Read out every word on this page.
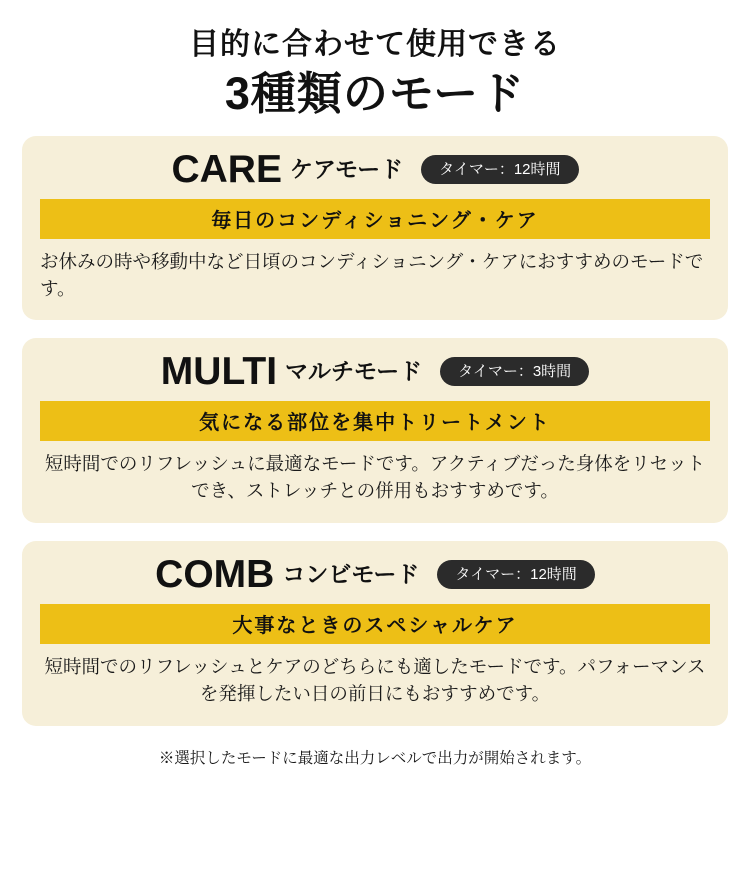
目的に合わせて使用できる
3種類のモード
CARE ケアモード	タイマー：12時間
毎日のコンディショニング・ケア
お休みの時や移動中など日頃のコンディショニング・ケアにおすすめのモードです。
MULTI マルチモード	タイマー：3時間
気になる部位を集中トリートメント
短時間でのリフレッシュに最適なモードです。アクティブだった身体をリセットでき、ストレッチとの併用もおすすめです。
COMB コンビモード	タイマー：12時間
大事なときのスペシャルケア
短時間でのリフレッシュとケアのどちらにも適したモードです。パフォーマンスを発揮したい日の前日にもおすすめです。
※選択したモードに最適な出力レベルで出力が開始されます。
